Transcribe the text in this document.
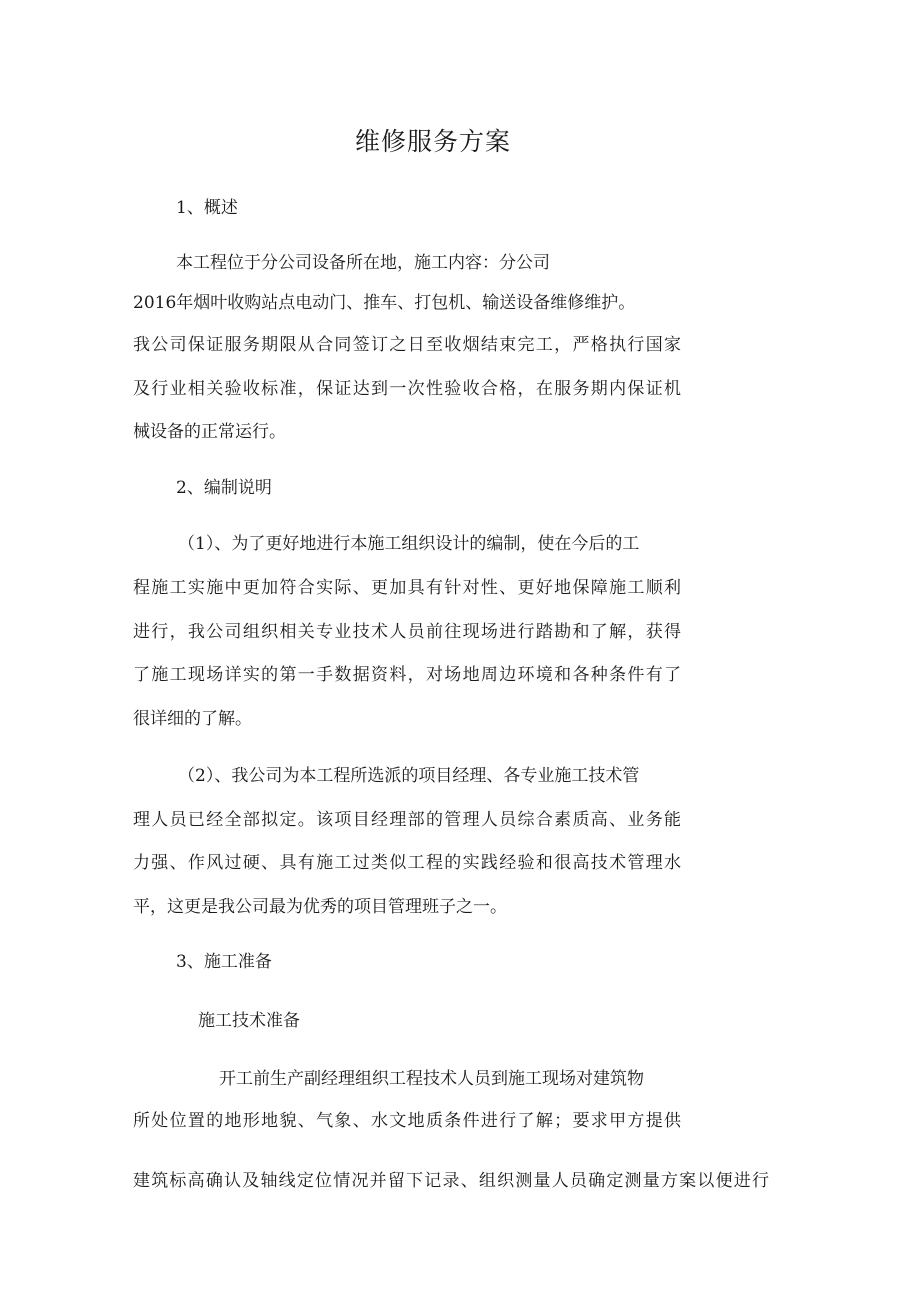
维修服务方案
1、概述
本工程位于分公司设备所在地，施工内容：分公司
2016年烟叶收购站点电动门、推车、打包机、输送设备维修维护。
我公司保证服务期限从合同签订之日至收烟结束完工，严格执行国家
及行业相关验收标准，保证达到一次性验收合格，在服务期内保证机
械设备的正常运行。
2、编制说明
（1）、为了更好地进行本施工组织设计的编制，使在今后的工
程施工实施中更加符合实际、更加具有针对性、更好地保障施工顺利
进行，我公司组织相关专业技术人员前往现场进行踏勘和了解，获得
了施工现场详实的第一手数据资料，对场地周边环境和各种条件有了
很详细的了解。
（2）、我公司为本工程所选派的项目经理、各专业施工技术管
理人员已经全部拟定。该项目经理部的管理人员综合素质高、业务能
力强、作风过硬、具有施工过类似工程的实践经验和很高技术管理水
平，这更是我公司最为优秀的项目管理班子之一。
3、施工准备
施工技术准备
开工前生产副经理组织工程技术人员到施工现场对建筑物
所处位置的地形地貌、气象、水文地质条件进行了解；要求甲方提供
建筑标高确认及轴线定位情况并留下记录、组织测量人员确定测量方案以便进行
